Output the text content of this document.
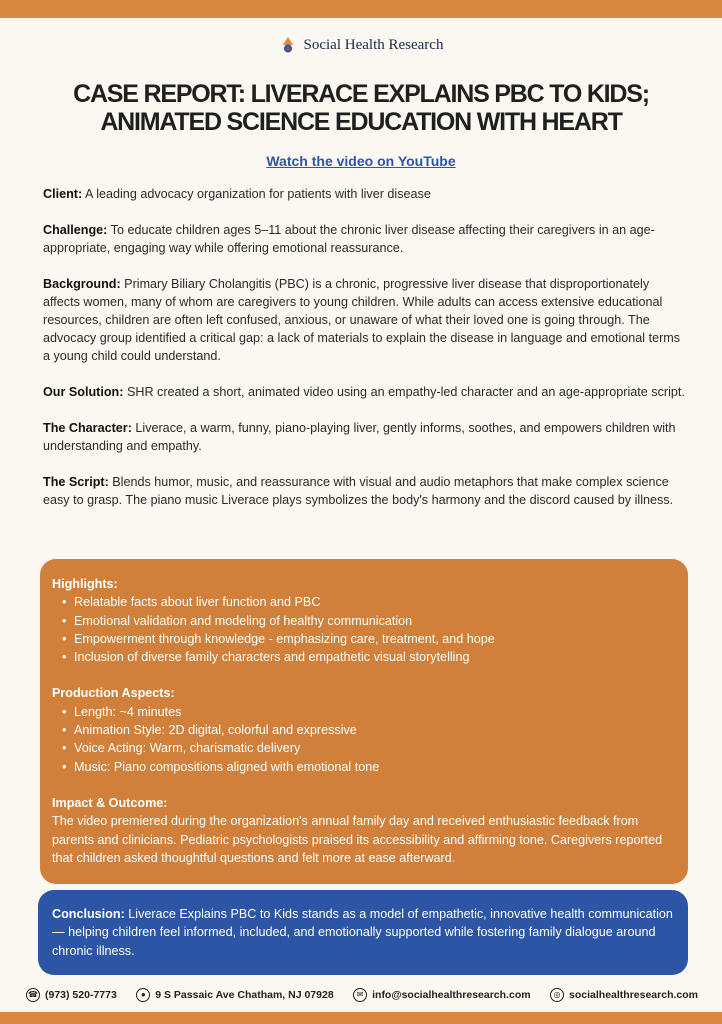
Social Health Research
CASE REPORT: LIVERACE EXPLAINS PBC TO KIDS;
ANIMATED SCIENCE EDUCATION WITH HEART
Watch the video on YouTube

Client: A leading advocacy organization for patients with liver disease

Challenge: To educate children ages 5–11 about the chronic liver disease affecting their caregivers in an age-appropriate, engaging way while offering emotional reassurance.

Background: Primary Biliary Cholangitis (PBC) is a chronic, progressive liver disease that disproportionately affects women, many of whom are caregivers to young children. While adults can access extensive educational resources, children are often left confused, anxious, or unaware of what their loved one is going through. The advocacy group identified a critical gap: a lack of materials to explain the disease in language and emotional terms a young child could understand.

Our Solution: SHR created a short, animated video using an empathy-led character and an age-appropriate script.

The Character: Liverace, a warm, funny, piano-playing liver, gently informs, soothes, and empowers children with understanding and empathy.

The Script: Blends humor, music, and reassurance with visual and audio metaphors that make complex science easy to grasp. The piano music Liverace plays symbolizes the body's harmony and the discord caused by illness.

Highlights:
• Relatable facts about liver function and PBC
• Emotional validation and modeling of healthy communication
• Empowerment through knowledge - emphasizing care, treatment, and hope
• Inclusion of diverse family characters and empathetic visual storytelling
Production Aspects:
• Length: ~4 minutes
• Animation Style: 2D digital, colorful and expressive
• Voice Acting: Warm, charismatic delivery
• Music: Piano compositions aligned with emotional tone
Impact & Outcome:

The video premiered during the organization's annual family day and received enthusiastic feedback from parents and clinicians. Pediatric psychologists praised its accessibility and affirming tone. Caregivers reported that children asked thoughtful questions and felt more at ease afterward.

Conclusion: Liverace Explains PBC to Kids stands as a model of empathetic, innovative health communication — helping children feel informed, included, and emotionally supported while fostering family dialogue around chronic illness.
☎ (973) 520-7773	● 9 S Passaic Ave Chatham, NJ 07928	✉ info@socialhealthresearch.com	◎ socialhealthresearch.com
